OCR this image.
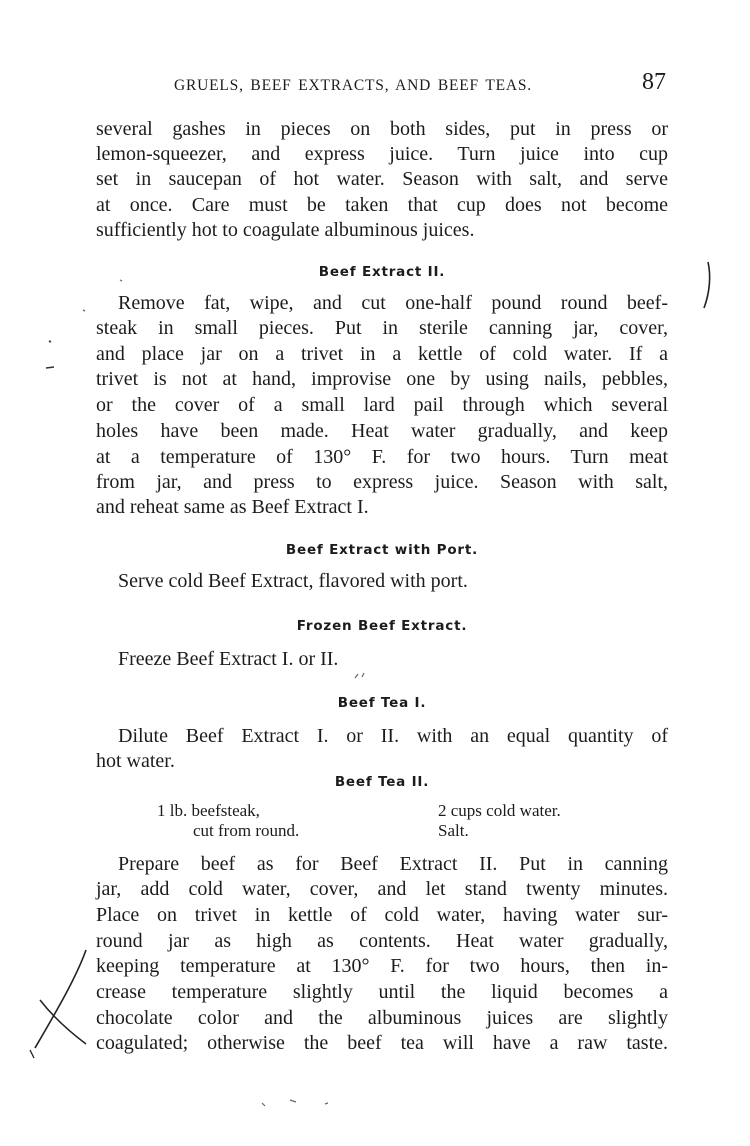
GRUELS, BEEF EXTRACTS, AND BEEF TEAS.	87
several gashes in pieces on both sides, put in press or
lemon-squeezer, and express juice. Turn juice into cup
set in saucepan of hot water. Season with salt, and serve
at once. Care must be taken that cup does not become
sufficiently hot to coagulate albuminous juices.
Beef Extract II.
Remove fat, wipe, and cut one-half pound round beef-
steak in small pieces. Put in sterile canning jar, cover,
and place jar on a trivet in a kettle of cold water. If a
trivet is not at hand, improvise one by using nails, pebbles,
or the cover of a small lard pail through which several
holes have been made. Heat water gradually, and keep
at a temperature of 130° F. for two hours. Turn meat
from jar, and press to express juice. Season with salt,
and reheat same as Beef Extract I.
Beef Extract with Port.
Serve cold Beef Extract, flavored with port.
Frozen Beef Extract.
Freeze Beef Extract I. or II.
Beef Tea I.
Dilute Beef Extract I. or II. with an equal quantity of
hot water.
Beef Tea II.
1 lb. beefsteak,
cut from round.
2 cups cold water.
Salt.
Prepare beef as for Beef Extract II. Put in canning
jar, add cold water, cover, and let stand twenty minutes.
Place on trivet in kettle of cold water, having water sur-
round jar as high as contents. Heat water gradually,
keeping temperature at 130° F. for two hours, then in-
crease temperature slightly until the liquid becomes a
chocolate color and the albuminous juices are slightly
coagulated; otherwise the beef tea will have a raw taste.
